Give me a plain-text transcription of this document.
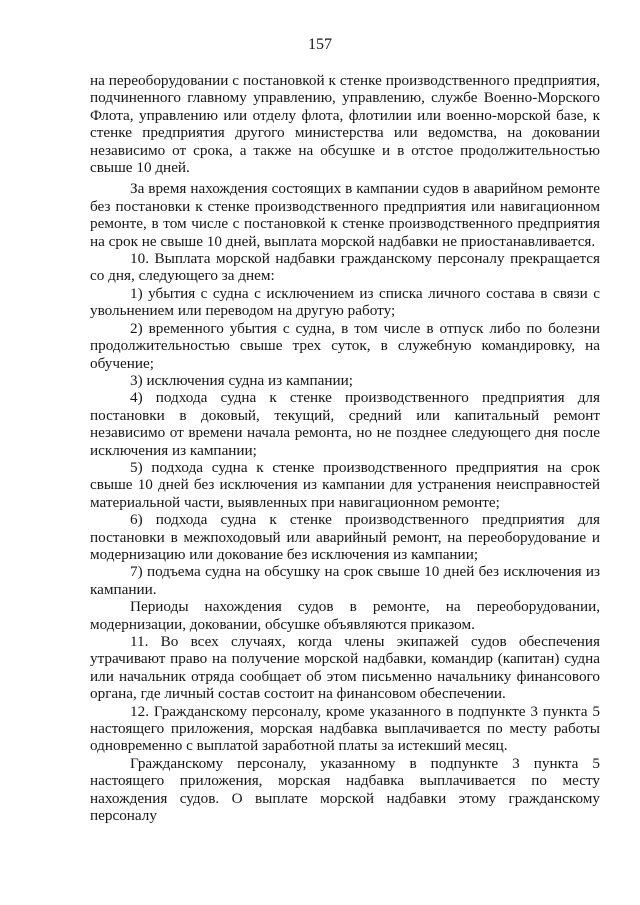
157

на переоборудовании с постановкой к стенке производственного предприятия, подчиненного главному управлению, управлению, службе Военно-Морского Флота, управлению или отделу флота, флотилии или военно-морской базе, к стенке предприятия другого министерства или ведомства, на доковании независимо от срока, а также на обсушке и в отстое продолжительностью свыше 10 дней.

За время нахождения состоящих в кампании судов в аварийном ремонте без постановки к стенке производственного предприятия или навигационном ремонте, в том числе с постановкой к стенке производственного предприятия на срок не свыше 10 дней, выплата морской надбавки не приостанавливается.

10. Выплата морской надбавки гражданскому персоналу прекращается со дня, следующего за днем:

1) убытия с судна с исключением из списка личного состава в связи с увольнением или переводом на другую работу;

2) временного убытия с судна, в том числе в отпуск либо по болезни продолжительностью свыше трех суток, в служебную командировку, на обучение;

3) исключения судна из кампании;

4) подхода судна к стенке производственного предприятия для постановки в доковый, текущий, средний или капитальный ремонт независимо от времени начала ремонта, но не позднее следующего дня после исключения из кампании;

5) подхода судна к стенке производственного предприятия на срок свыше 10 дней без исключения из кампании для устранения неисправностей материальной части, выявленных при навигационном ремонте;

6) подхода судна к стенке производственного предприятия для постановки в межпоходовый или аварийный ремонт, на переоборудование и модернизацию или докование без исключения из кампании;

7) подъема судна на обсушку на срок свыше 10 дней без исключения из кампании.

Периоды нахождения судов в ремонте, на переоборудовании, модернизации, доковании, обсушке объявляются приказом.

11. Во всех случаях, когда члены экипажей судов обеспечения утрачивают право на получение морской надбавки, командир (капитан) судна или начальник отряда сообщает об этом письменно начальнику финансового органа, где личный состав состоит на финансовом обеспечении.

12. Гражданскому персоналу, кроме указанного в подпункте 3 пункта 5 настоящего приложения, морская надбавка выплачивается по месту работы одновременно с выплатой заработной платы за истекший месяц.

Гражданскому персоналу, указанному в подпункте 3 пункта 5 настоящего приложения, морская надбавка выплачивается по месту нахождения судов. О выплате морской надбавки этому гражданскому персоналу
